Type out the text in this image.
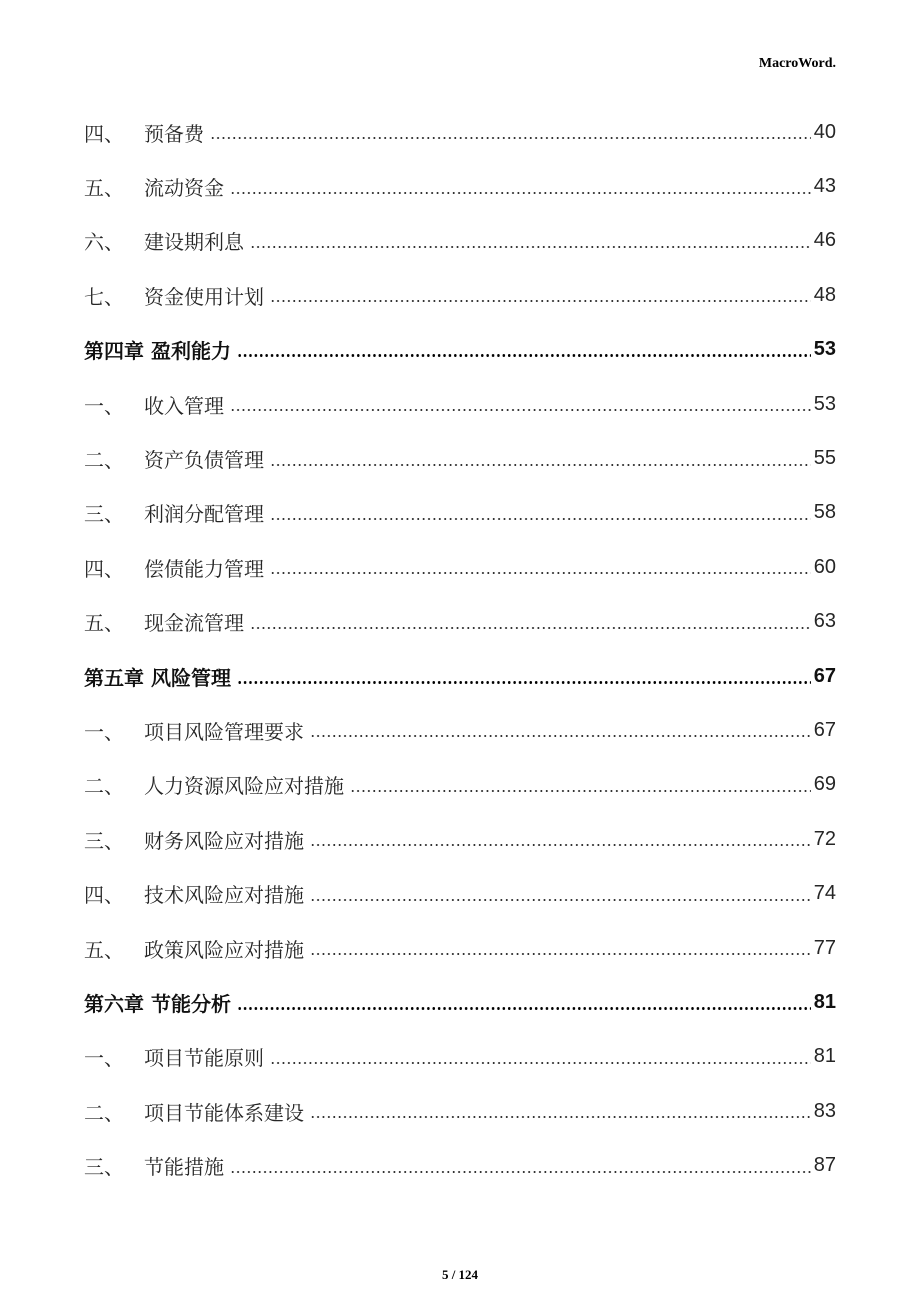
MacroWord.
四、	预备费	40
五、	流动资金	43
六、	建设期利息	46
七、	资金使用计划	48
第四章 盈利能力	53
一、	收入管理	53
二、	资产负债管理	55
三、	利润分配管理	58
四、	偿债能力管理	60
五、	现金流管理	63
第五章 风险管理	67
一、	项目风险管理要求	67
二、	人力资源风险应对措施	69
三、	财务风险应对措施	72
四、	技术风险应对措施	74
五、	政策风险应对措施	77
第六章 节能分析	81
一、	项目节能原则	81
二、	项目节能体系建设	83
三、	节能措施	87
5 / 124
